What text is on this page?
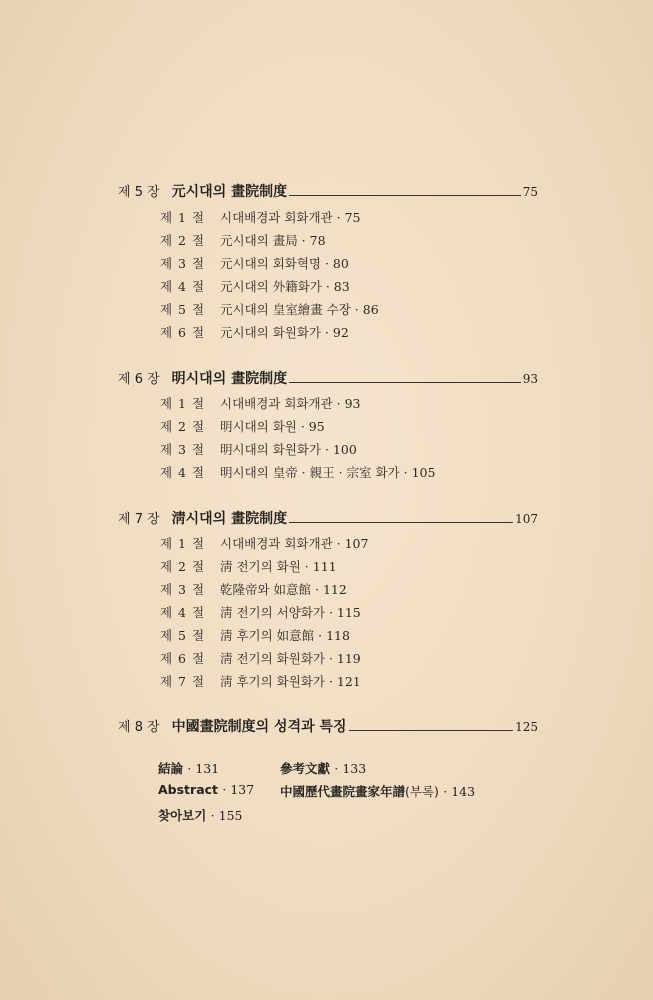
제 5 장 元시대의 畫院制度	75
제 1 절 시대배경과 회화개관 · 75
제 2 절 元시대의 畫局 · 78
제 3 절 元시대의 회화혁명 · 80
제 4 절 元시대의 外籍화가 · 83
제 5 절 元시대의 皇室繪畫 수장 · 86
제 6 절 元시대의 화원화가 · 92
제 6 장 明시대의 畫院制度	93
제 1 절 시대배경과 회화개관 · 93
제 2 절 明시대의 화원 · 95
제 3 절 明시대의 화원화가 · 100
제 4 절 明시대의 皇帝 · 親王 · 宗室 화가 · 105
제 7 장 淸시대의 畫院制度	107
제 1 절 시대배경과 회화개관 · 107
제 2 절 淸 전기의 화원 · 111
제 3 절 乾隆帝와 如意館 · 112
제 4 절 淸 전기의 서양화가 · 115
제 5 절 淸 후기의 如意館 · 118
제 6 절 淸 전기의 화원화가 · 119
제 7 절 淸 후기의 화원화가 · 121
제 8 장 中國畫院制度의 성격과 특징	125
結論 · 131	參考文獻 · 133
Abstract · 137 中國歷代畫院畫家年譜(부록) · 143
찾아보기 · 155
